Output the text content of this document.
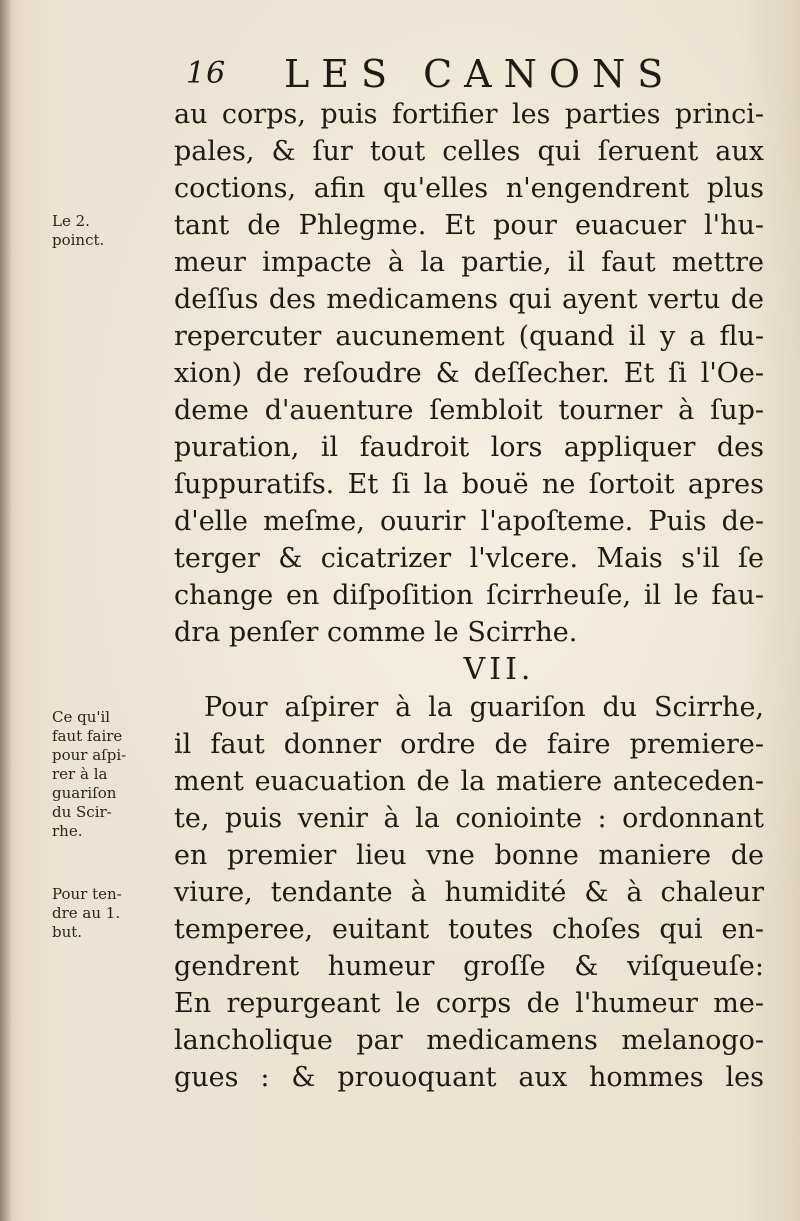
16 LES CANONS
au corps, puis fortifier les parties princi-
pales, & ſur tout celles qui ſeruent aux
coctions, afin qu'elles n'engendrent plus
tant de Phlegme. Et pour euacuer l'hu-
meur impacte à la partie, il faut mettre
deſſus des medicamens qui ayent vertu de
repercuter aucunement (quand il y a flu-
xion) de reſoudre & deſſecher. Et ſi l'Oe-
deme d'auenture ſembloit tourner à ſup-
puration, il faudroit lors appliquer des
ſuppuratifs. Et ſi la bouë ne ſortoit apres
d'elle meſme, ouurir l'apoſteme. Puis de-
terger & cicatrizer l'vlcere. Mais s'il ſe
change en diſpoſition ſcirrheuſe, il le fau-
dra penſer comme le Scirrhe.
VII.
Pour aſpirer à la guariſon du Scirrhe,
il faut donner ordre de faire premiere-
ment euacuation de la matiere anteceden-
te, puis venir à la coniointe : ordonnant
en premier lieu vne bonne maniere de
viure, tendante à humidité & à chaleur
temperee, euitant toutes choſes qui en-
gendrent humeur groſſe & viſqueuſe:
En repurgeant le corps de l'humeur me-
lancholique par medicamens melanogo-
gues : & prouoquant aux hommes les
Le 2.
poinct.
Ce qu'il
faut faire
pour aſpi-
rer à la
guariſon
du Scir-
rhe.
Pour ten-
dre au 1.
but.
